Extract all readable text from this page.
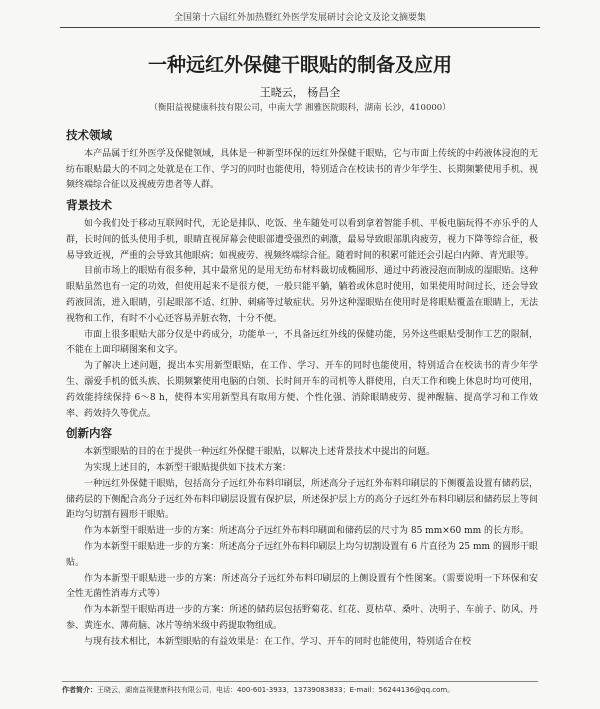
全国第十六届红外加热暨红外医学发展研讨会论文及论文摘要集
一种远红外保健干眼贴的制备及应用
王晓云， 杨昌全
（衡阳益视健康科技有限公司，中南大学 湘雅医院眼科，湖南 长沙，410000）
技术领域

本产品属于红外医学及保健领域，具体是一种新型环保的远红外保健干眼贴，它与市面上传统的中药液体浸泡的无纺布眼贴最大的不同之处就是在工作、学习的同时也能使用，特别适合在校读书的青少年学生、长期频繁使用手机、视频终端综合征以及视疲劳患者等人群。

背景技术

如今我们处于移动互联网时代，无论是排队、吃饭、坐车随处可以看到拿着智能手机、平板电脑玩得不亦乐乎的人群，长时间的低头使用手机，眼睛直视屏幕会使眼部遭受强烈的刺激，最易导致眼部肌肉疲劳，视力下降等综合征，极易导致近视，严重的会导致其他眼病；如视疲劳、视频终端综合征。随着时间的积累可能还会引起白内障、青光眼等。

目前市场上的眼贴有很多种，其中最常见的是用无纺布材料裁切成椭圆形、通过中药液浸泡而制成的湿眼贴。这种眼贴虽然也有一定的功效，但使用起来不是很方便，一般只能平躺，躺着或休息时使用，如果使用时间过长，还会导致药液回流，进入眼睛，引起眼部不适、红肿、刺痛等过敏症状。另外这种湿眼贴在使用时是将眼贴覆盖在眼睛上，无法视物和工作，有时不小心还容易弄脏衣物，十分不便。

市面上很多眼贴大部分仅是中药成分，功能单一，不具备远红外线的保健功能，另外这些眼贴受制作工艺的限制，不能在上面印刷图案和文字。

为了解决上述问题，提出本实用新型眼贴，在工作、学习、开车的同时也能使用，特别适合在校读书的青少年学生、溺爱手机的低头族、长期频繁使用电脑的白领、长时间开车的司机等人群使用，白天工作和晚上休息时均可使用，药效能持续保持 6～8 h，使得本实用新型具有取用方便、个性化强、消除眼睛疲劳、提神醒脑、提高学习和工作效率、药效持久等优点。

创新内容

本新型眼贴的目的在于提供一种远红外保健干眼贴，以解决上述背景技术中提出的问题。

为实现上述目的，本新型干眼贴提供如下技术方案：

一种远红外保健干眼贴，包括高分子远红外布料印刷层，所述高分子远红外布料印刷层的下侧覆盖设置有储药层，储药层的下侧配合高分子远红外布料印刷层设置有保护层，所述保护层上方的高分子远红外布料印刷层和储药层上等间距均匀切割有圆形干眼贴。

作为本新型干眼贴进一步的方案：所述高分子远红外布料印刷面和储药层的尺寸为 85 mm×60 mm 的长方形。

作为本新型干眼贴进一步的方案：所述高分子远红外布料印刷层上均匀切割设置有 6 片直径为 25 mm 的圆形干眼贴。

作为本新型干眼贴进一步的方案：所述高分子远红外布料印刷层的上侧设置有个性图案。（需要说明一下环保和安全性无菌性消毒方式等）

作为本新型干眼贴再进一步的方案：所述的储药层包括野菊花、红花、夏枯草、桑叶、决明子、车前子、防风、丹参、黄连水、薄荷脑、冰片等纳米级中药提取物组成。

与现有技术相比，本新型眼贴的有益效果是：在工作、学习、开车的同时也能使用，特别适合在校

作者简介：王晓云，湖南益视健康科技有限公司，电话：400-601-3933，13739083833；E-mail：56244136@qq.com。
